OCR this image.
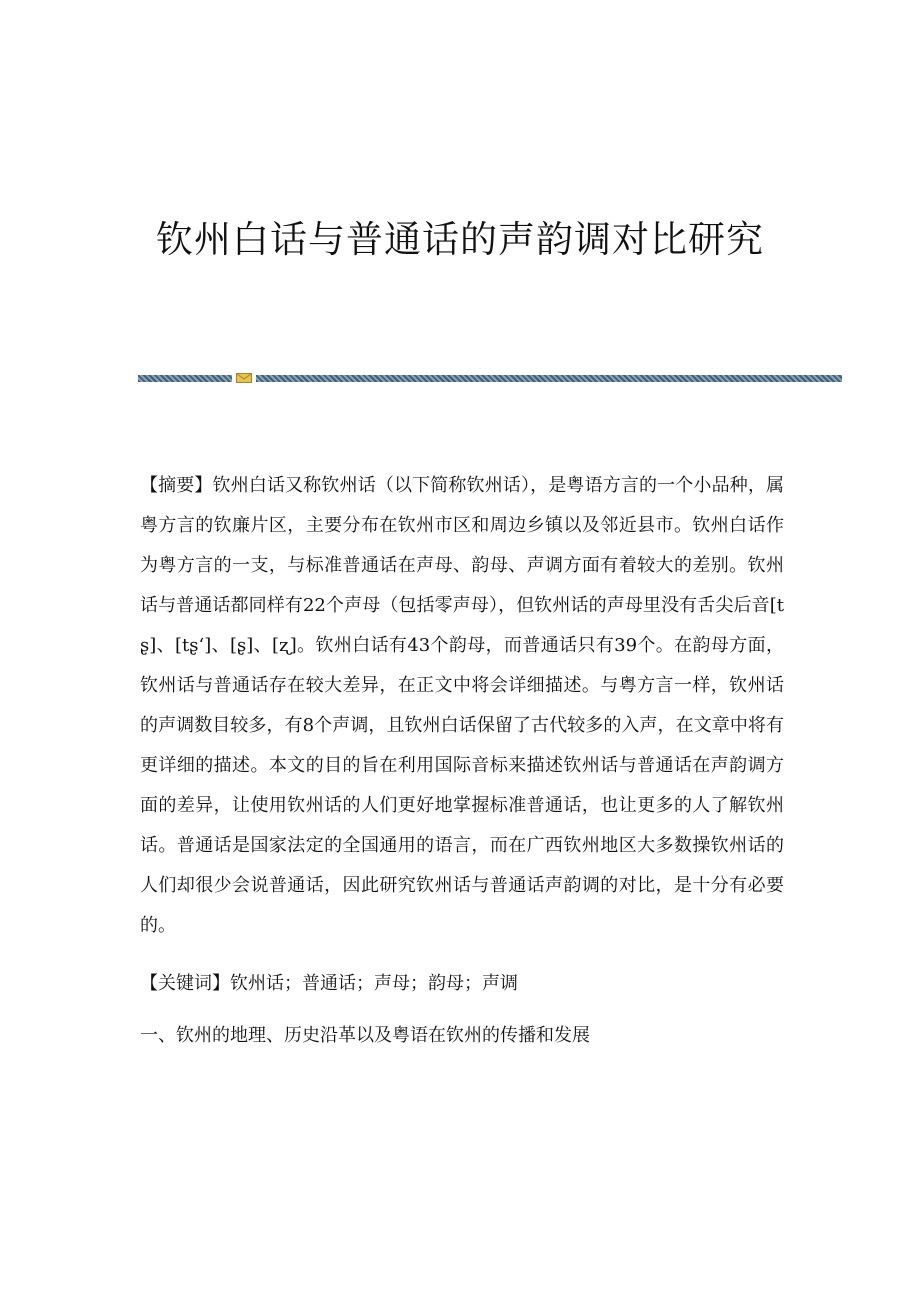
钦州白话与普通话的声韵调对比研究

【摘要】钦州白话又称钦州话（以下简称钦州话），是粤语方言的一个小品种，属粤方言的钦廉片区，主要分布在钦州市区和周边乡镇以及邻近县市。钦州白话作为粤方言的一支，与标准普通话在声母、韵母、声调方面有着较大的差别。钦州话与普通话都同样有22个声母（包括零声母），但钦州话的声母里没有舌尖后音[tʂ]、[tʂʻ]、[ʂ]、[ʐ]。钦州白话有43个韵母，而普通话只有39个。在韵母方面，钦州话与普通话存在较大差异，在正文中将会详细描述。与粤方言一样，钦州话的声调数目较多，有8个声调，且钦州白话保留了古代较多的入声，在文章中将有更详细的描述。本文的目的旨在利用国际音标来描述钦州话与普通话在声韵调方面的差异，让使用钦州话的人们更好地掌握标准普通话，也让更多的人了解钦州话。普通话是国家法定的全国通用的语言，而在广西钦州地区大多数操钦州话的人们却很少会说普通话，因此研究钦州话与普通话声韵调的对比，是十分有必要的。

【关键词】钦州话；普通话；声母；韵母；声调

一、钦州的地理、历史沿革以及粤语在钦州的传播和发展
